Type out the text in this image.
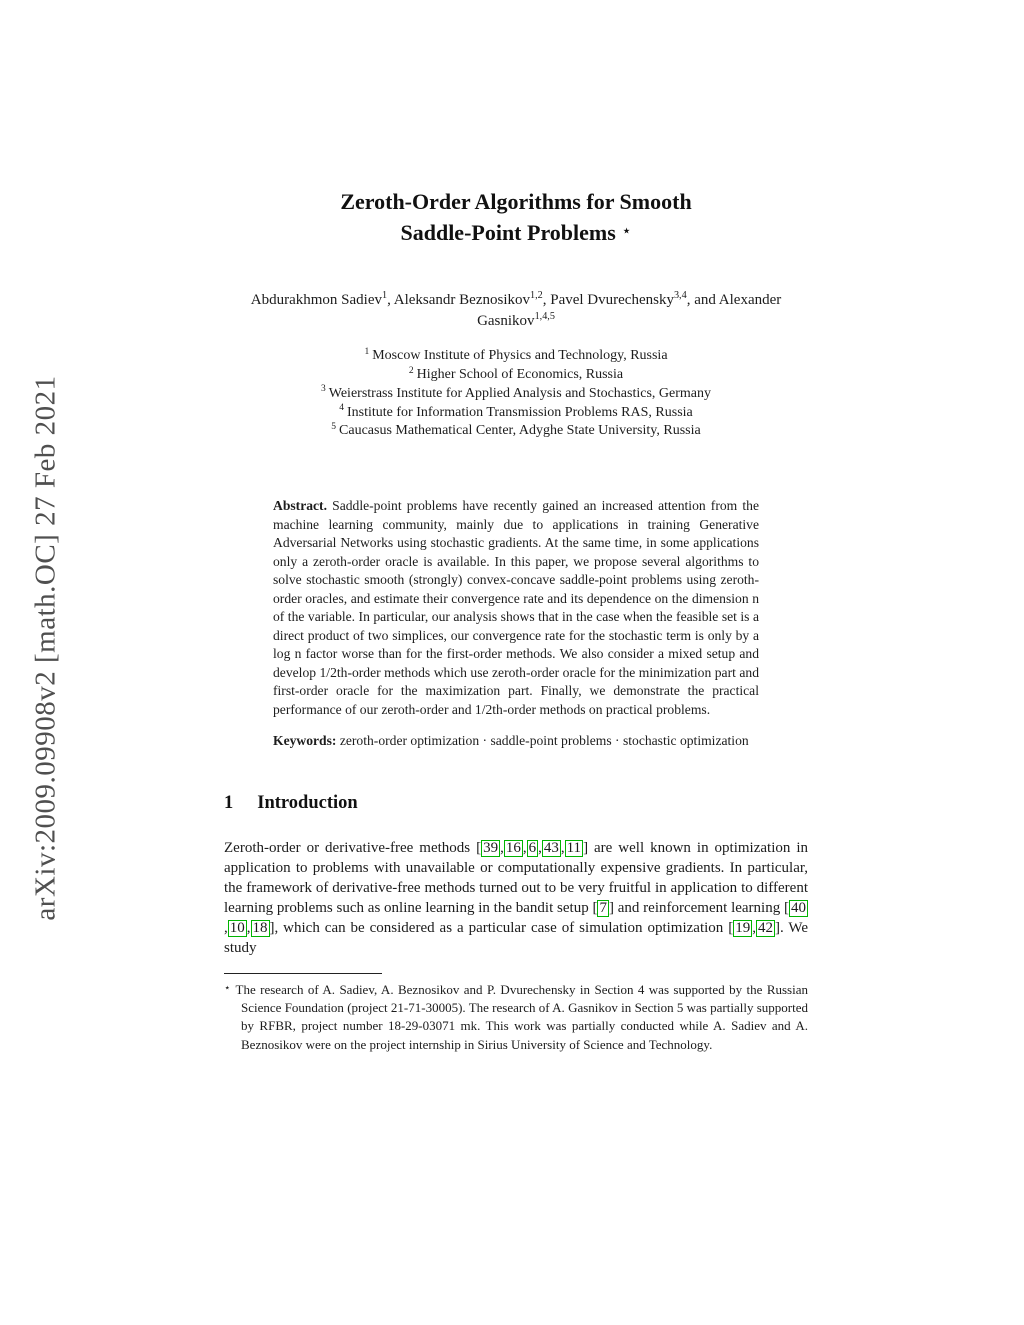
arXiv:2009.09908v2 [math.OC] 27 Feb 2021
Zeroth-Order Algorithms for Smooth
Saddle-Point Problems ⋆
Abdurakhmon Sadiev$^1$, Aleksandr Beznosikov$^{1,2}$, Pavel Dvurechensky$^{3,4}$, and Alexander Gasnikov$^{1,4,5}$
$^1$ Moscow Institute of Physics and Technology, Russia
$^2$ Higher School of Economics, Russia
$^3$ Weierstrass Institute for Applied Analysis and Stochastics, Germany
$^4$ Institute for Information Transmission Problems RAS, Russia
$^5$ Caucasus Mathematical Center, Adyghe State University, Russia

Abstract. Saddle-point problems have recently gained an increased attention from the machine learning community, mainly due to applications in training Generative Adversarial Networks using stochastic gradients. At the same time, in some applications only a zeroth-order oracle is available. In this paper, we propose several algorithms to solve stochastic smooth (strongly) convex-concave saddle-point problems using zeroth-order oracles, and estimate their convergence rate and its dependence on the dimension n of the variable. In particular, our analysis shows that in the case when the feasible set is a direct product of two simplices, our convergence rate for the stochastic term is only by a log n factor worse than for the first-order methods. We also consider a mixed setup and develop 1/2th-order methods which use zeroth-order oracle for the minimization part and first-order oracle for the maximization part. Finally, we demonstrate the practical performance of our zeroth-order and 1/2th-order methods on practical problems.

Keywords: zeroth-order optimization · saddle-point problems · stochastic optimization

1 Introduction

Zeroth-order or derivative-free methods [ 39 , 16 , 6 , 43 , 11 ] are well known in optimization in application to problems with unavailable or computationally expensive gradients. In particular, the framework of derivative-free methods turned out to be very fruitful in application to different learning problems such as online learning in the bandit setup [ 7 ] and reinforcement learning [ 40, 10 , 18 ], which can be considered as a particular case of simulation optimization [ 19 , 42 ]. We study

⋆ The research of A. Sadiev, A. Beznosikov and P. Dvurechensky in Section 4 was supported by the Russian Science Foundation (project 21-71-30005). The research of A. Gasnikov in Section 5 was partially supported by RFBR, project number 18-29-03071 mk. This work was partially conducted while A. Sadiev and A. Beznosikov were on the project internship in Sirius University of Science and Technology.
